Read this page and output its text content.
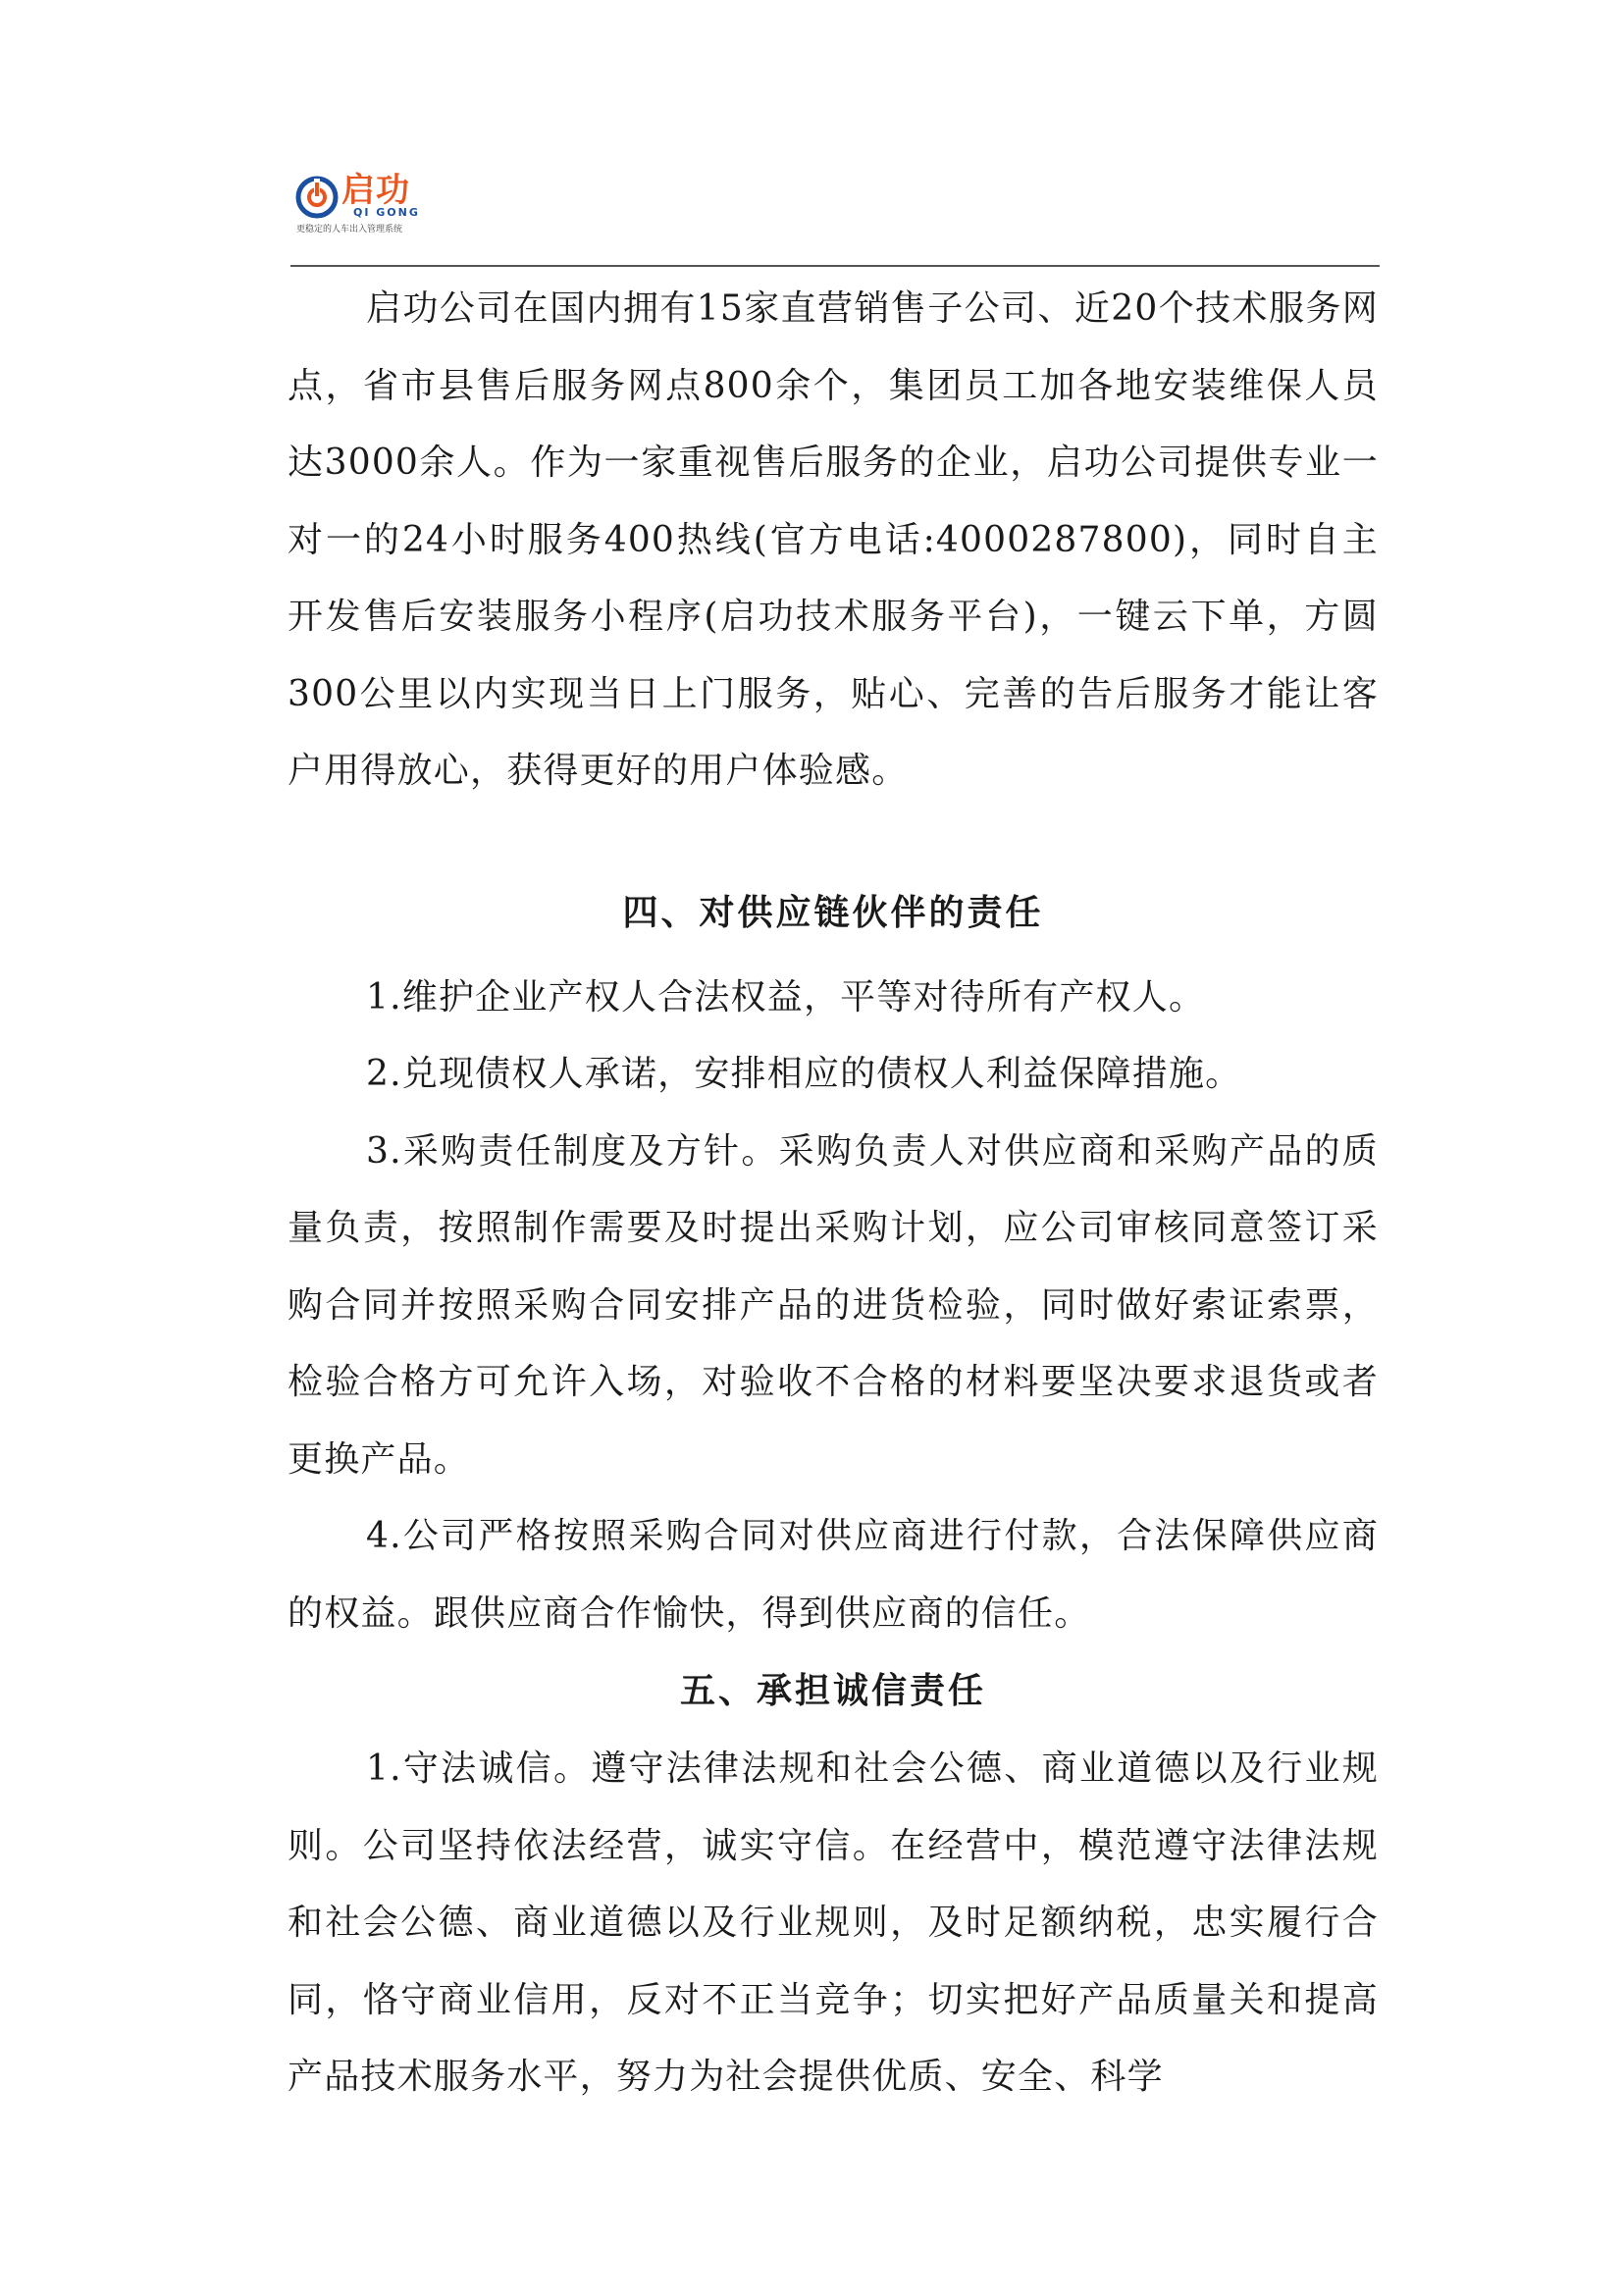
启功
QI GONG
更稳定的人车出入管理系统

启功公司在国内拥有15家直营销售子公司、近20个技术服务网点，省市县售后服务网点800余个，集团员工加各地安装维保人员达3000余人。作为一家重视售后服务的企业，启功公司提供专业一对一的24小时服务400热线(官方电话:4000287800)，同时自主开发售后安装服务小程序(启功技术服务平台)，一键云下单，方圆300公里以内实现当日上门服务，贴心、完善的告后服务才能让客户用得放心，获得更好的用户体验感。

四、对供应链伙伴的责任

1.维护企业产权人合法权益，平等对待所有产权人。

2.兑现债权人承诺，安排相应的债权人利益保障措施。

3.采购责任制度及方针。采购负责人对供应商和采购产品的质量负责，按照制作需要及时提出采购计划，应公司审核同意签订采购合同并按照采购合同安排产品的进货检验，同时做好索证索票，检验合格方可允许入场，对验收不合格的材料要坚决要求退货或者更换产品。

4.公司严格按照采购合同对供应商进行付款，合法保障供应商的权益。跟供应商合作愉快，得到供应商的信任。

五、承担诚信责任

1.守法诚信。遵守法律法规和社会公德、商业道德以及行业规则。公司坚持依法经营，诚实守信。在经营中，模范遵守法律法规和社会公德、商业道德以及行业规则，及时足额纳税，忠实履行合同，恪守商业信用，反对不正当竞争；切实把好产品质量关和提高产品技术服务水平，努力为社会提供优质、安全、科学
